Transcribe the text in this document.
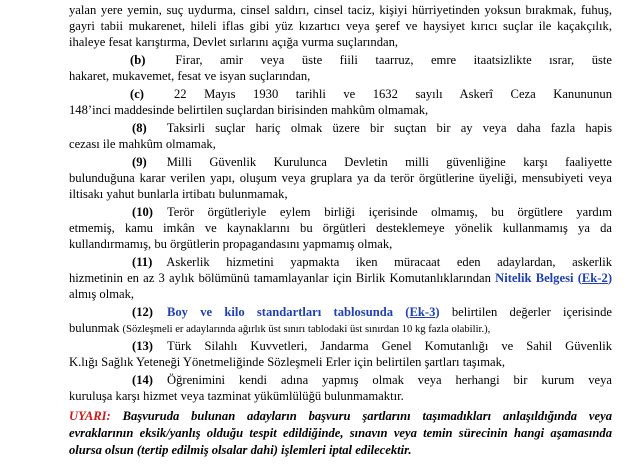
yalan yere yemin, suç uydurma, cinsel saldırı, cinsel taciz, kişiyi hürriyetinden yoksun bırakmak, fuhuş,
gayri tabii mukarenet, hileli iflas gibi yüz kızartıcı veya şeref ve haysiyet kırıcı suçlar ile kaçakçılık,
ihaleye fesat karıştırma, Devlet sırlarını açığa vurma suçlarından,
(b) Firar, amir veya üste fiili taarruz, emre itaatsizlikte ısrar, üste
hakaret, mukavemet, fesat ve isyan suçlarından,
(c) 22 Mayıs 1930 tarihli ve 1632 sayılı Askerî Ceza Kanununun
148’inci maddesinde belirtilen suçlardan birisinden mahkûm olmamak,
(8) Taksirli suçlar hariç olmak üzere bir suçtan bir ay veya daha fazla hapis
cezası ile mahkûm olmamak,
(9) Milli Güvenlik Kurulunca Devletin milli güvenliğine karşı faaliyette
bulunduğuna karar verilen yapı, oluşum veya gruplara ya da terör örgütlerine üyeliği, mensubiyeti veya
iltisakı yahut bunlarla irtibatı bulunmamak,
(10) Terör örgütleriyle eylem birliği içerisinde olmamış, bu örgütlere yardım
etmemiş, kamu imkân ve kaynaklarını bu örgütleri desteklemeye yönelik kullanmamış ya da
kullandırmamış, bu örgütlerin propagandasını yapmamış olmak,
(11) Askerlik hizmetini yapmakta iken müracaat eden adaylardan, askerlik
hizmetinin en az 3 aylık bölümünü tamamlayanlar için Birlik Komutanlıklarından Nitelik Belgesi (Ek-2)
almış olmak,
(12) Boy ve kilo standartları tablosunda (Ek-3) belirtilen değerler içerisinde
bulunmak (Sözleşmeli er adaylarında ağırlık üst sınırı tablodaki üst sınırdan 10 kg fazla olabilir.),
(13) Türk Silahlı Kuvvetleri, Jandarma Genel Komutanlığı ve Sahil Güvenlik
K.lığı Sağlık Yeteneği Yönetmeliğinde Sözleşmeli Erler için belirtilen şartları taşımak,
(14) Öğrenimini kendi adına yapmış olmak veya herhangi bir kurum veya
kuruluşa karşı hizmet veya tazminat yükümlülüğü bulunmamaktır.
UYARI: Başvuruda bulunan adayların başvuru şartlarını taşımadıkları anlaşıldığında veya
evraklarının eksik/yanlış olduğu tespit edildiğinde, sınavın veya temin sürecinin hangi aşamasında
olursa olsun (tertip edilmiş olsalar dahi) işlemleri iptal edilecektir.
